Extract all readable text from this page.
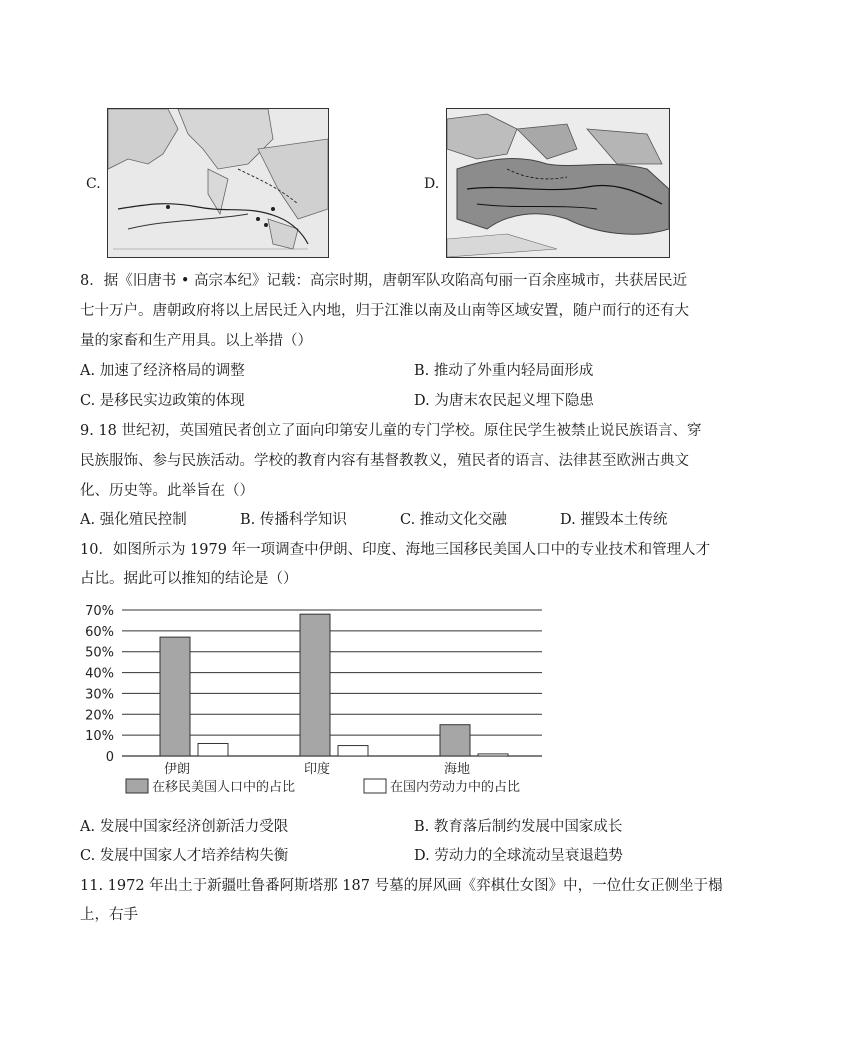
C.	D.
8．据《旧唐书 • 高宗本纪》记载：高宗时期，唐朝军队攻陷高句丽一百余座城市，共获居民近
七十万户。唐朝政府将以上居民迁入内地，归于江淮以南及山南等区域安置，随户而行的还有大
量的家畜和生产用具。以上举措（）
A. 加速了经济格局的调整	B. 推动了外重内轻局面形成
C. 是移民实边政策的体现	D. 为唐末农民起义埋下隐患
9. 18 世纪初，英国殖民者创立了面向印第安儿童的专门学校。原住民学生被禁止说民族语言、穿
民族服饰、参与民族活动。学校的教育内容有基督教教义，殖民者的语言、法律甚至欧洲古典文
化、历史等。此举旨在（）
A. 强化殖民控制	B. 传播科学知识	C. 推动文化交融	D. 摧毁本土传统
10．如图所示为 1979 年一项调查中伊朗、印度、海地三国移民美国人口中的专业技术和管理人才
占比。据此可以推知的结论是（）
0
10%
20%
30%
40%
50%
60%
70%
伊朗	印度	海地
在移民美国人口中的占比	在国内劳动力中的占比
A. 发展中国家经济创新活力受限	B. 教育落后制约发展中国家成长
C. 发展中国家人才培养结构失衡	D. 劳动力的全球流动呈衰退趋势
11. 1972 年出土于新疆吐鲁番阿斯塔那 187 号墓的屏风画《弈棋仕女图》中，一位仕女正侧坐于榻
上，右手
